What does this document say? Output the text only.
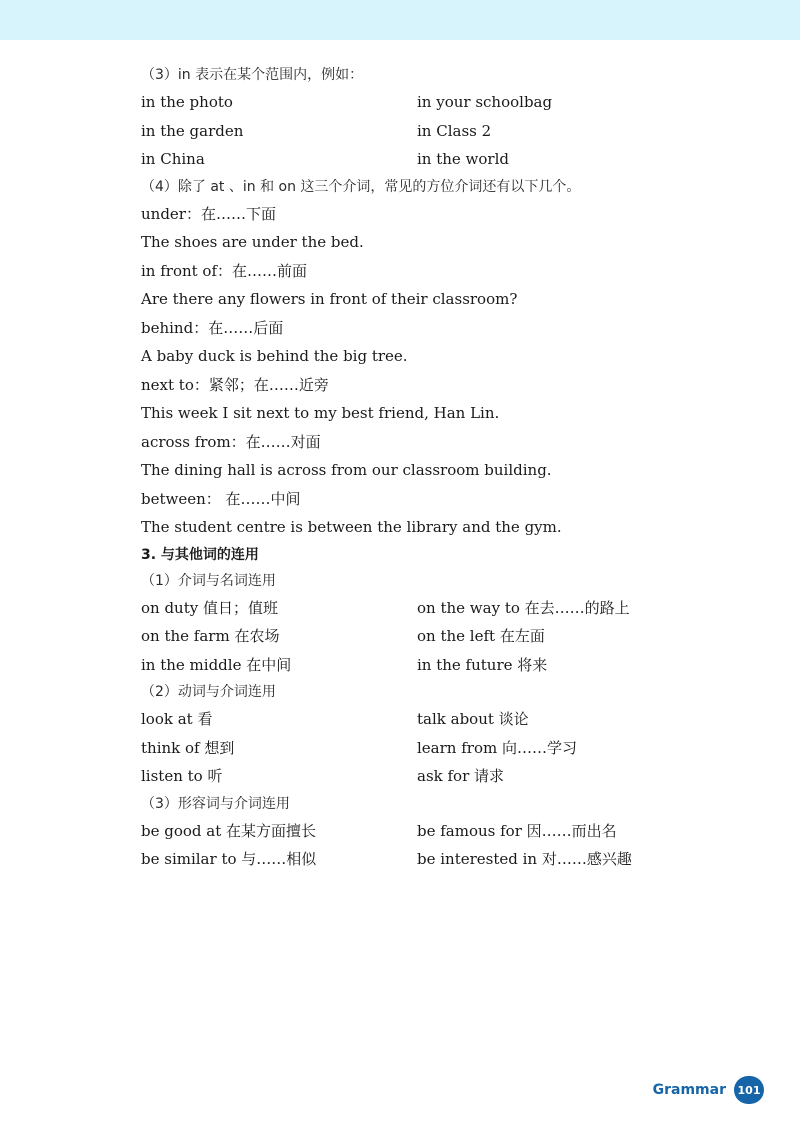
（3）in 表示在某个范围内，例如：
in the photo	in your schoolbag
in the garden	in Class 2
in China	in the world
（4）除了 at 、in 和 on 这三个介词，常见的方位介词还有以下几个。
under：在……下面
The shoes are under the bed.
in front of：在……前面
Are there any flowers in front of their classroom?
behind：在……后面
A baby duck is behind the big tree.
next to：紧邻；在……近旁
This week I sit next to my best friend, Han Lin.
across from：在……对面
The dining hall is across from our classroom building.
between： 在……中间
The student centre is between the library and the gym.
3. 与其他词的连用
（1）介词与名词连用
on duty 值日；值班	on the way to 在去……的路上
on the farm 在农场	on the left 在左面
in the middle 在中间	in the future 将来
（2）动词与介词连用
look at 看	talk about 谈论
think of 想到	learn from 向……学习
listen to 听	ask for 请求
（3）形容词与介词连用
be good at 在某方面擅长	be famous for 因……而出名
be similar to 与……相似	be interested in 对……感兴趣
Grammar	101
